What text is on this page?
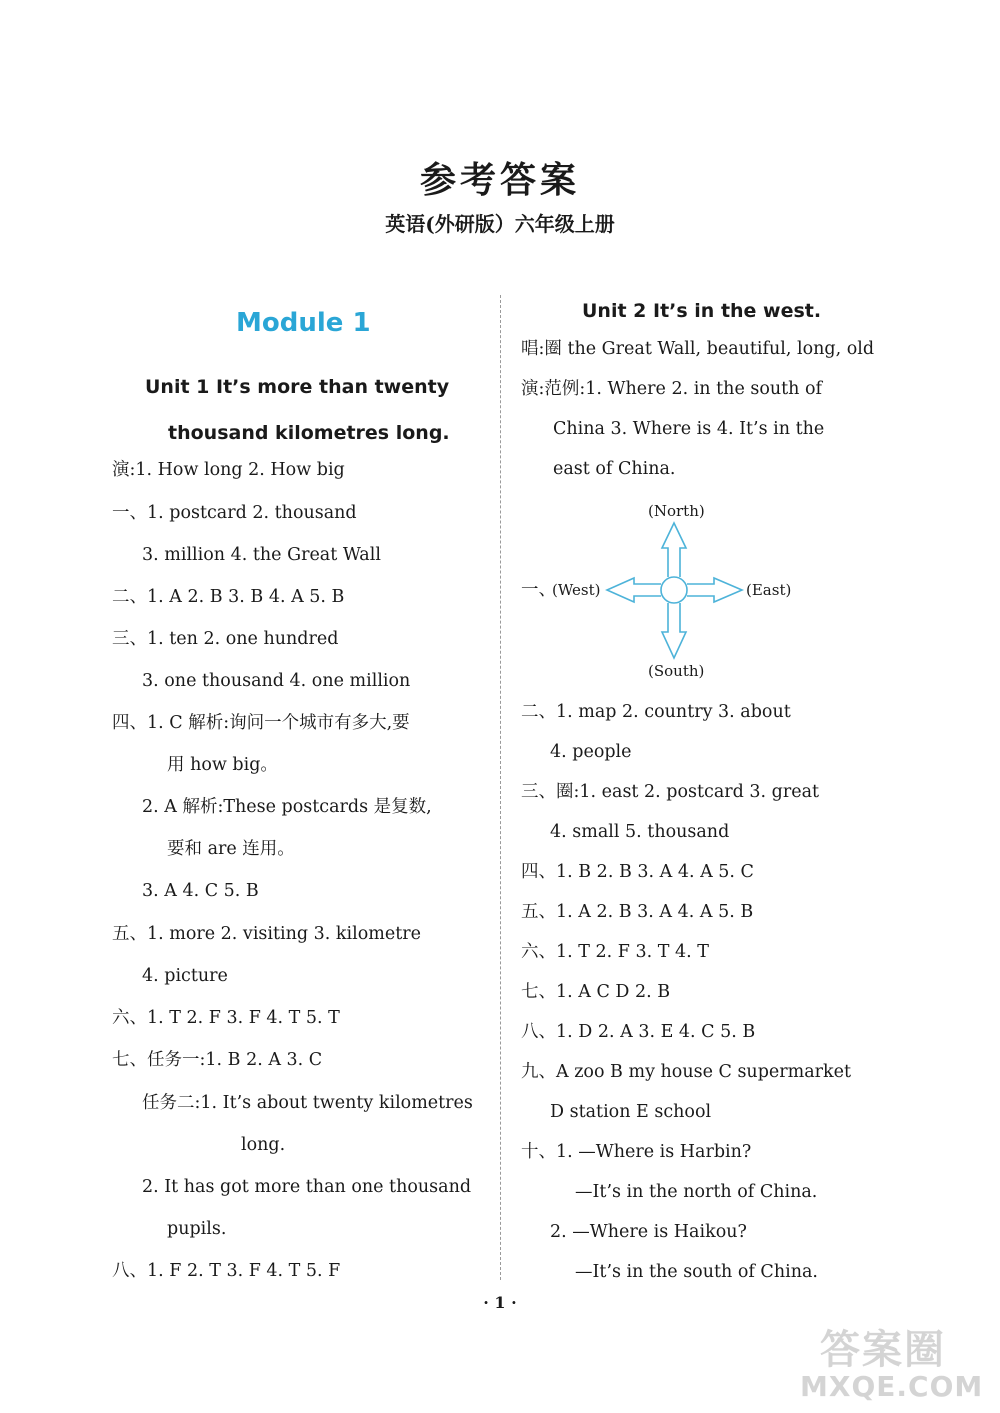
参考答案
英语(外研版）六年级上册
Module 1
Unit 1 It’s more than twenty
thousand kilometres long.
演:1. How long 2. How big
一、1. postcard 2. thousand
3. million 4. the Great Wall
二、1. A 2. B 3. B 4. A 5. B
三、1. ten 2. one hundred
3. one thousand 4. one million
四、1. C 解析:询问一个城市有多大,要
用 how big。
2. A 解析:These postcards 是复数,
要和 are 连用。
3. A 4. C 5. B
五、1. more 2. visiting 3. kilometre
4. picture
六、1. T 2. F 3. F 4. T 5. T
七、任务一:1. B 2. A 3. C
任务二:1. It’s about twenty kilometres
long.
2. It has got more than one thousand
pupils.
八、1. F 2. T 3. F 4. T 5. F
Unit 2 It’s in the west.
唱:圈 the Great Wall, beautiful, long, old
演:范例:1. Where 2. in the south of
China 3. Where is 4. It’s in the
east of China.
一、
(North)
(South)
(West)	(East)
二、1. map 2. country 3. about
4. people
三、圈:1. east 2. postcard 3. great
4. small 5. thousand
四、1. B 2. B 3. A 4. A 5. C
五、1. A 2. B 3. A 4. A 5. B
六、1. T 2. F 3. T 4. T
七、1. A C D 2. B
八、1. D 2. A 3. E 4. C 5. B
九、A zoo B my house C supermarket
D station E school
十、1. —Where is Harbin?
—It’s in the north of China.
2. —Where is Haikou?
—It’s in the south of China.
· 1 ·
答案圈
MXQE.COM
